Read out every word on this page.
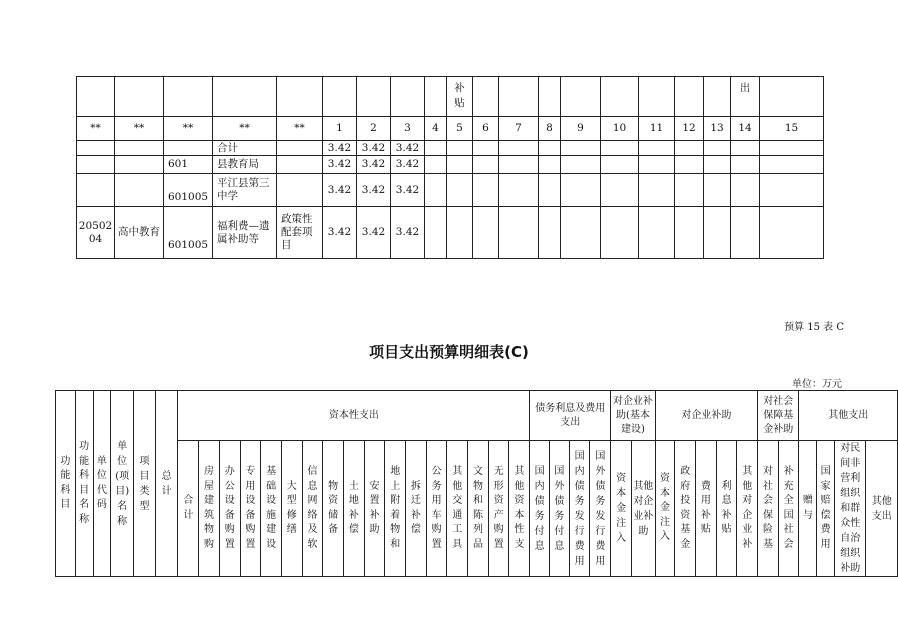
									补贴									出	

**	**	**	**	**	1	2	3	4	5	6	7	8	9	10	11	12	13	14	15
			合计		3.42	3.42	3.42												
		601	县教育局		3.42	3.42	3.42												
		601005	平江县第三中学		3.42	3.42	3.42												
2050204	高中教育	601005	福利费—遗属补助等	政策性配套项目	3.42	3.42	3.42												
预算 15 表 C
项目支出预算明细表(C)
单位：万元
功能科目	功能科目名称	单位代码	单位(项目)名称	项目类型	总计	资本性支出																	债务利息及费用支出				对企业补助(基本建设)		对企业补助					对社会保障基金补助		其他支出			

						合计	房屋建筑物购	办公设备购置	专用设备购置	基础设施建设	大型修缮	信息网络及软	物资储备	土地补偿	安置补助	地上附着物和	拆迁补偿	公务用车购置	其他交通工具	文物和陈列品	无形资产购置	其他资本性支	国内债务付息	国外债务付息	国内债务发行费用	国外债务发行费用	资本金注入	其他对企业补助	资本金注入	政府投资基金	费用补贴	利息补贴	其他对企业补	对社会保险基	补充全国社会	赠与	国家赔偿费用	对民间非营利组织和群众性自治组织补助	其他支出
